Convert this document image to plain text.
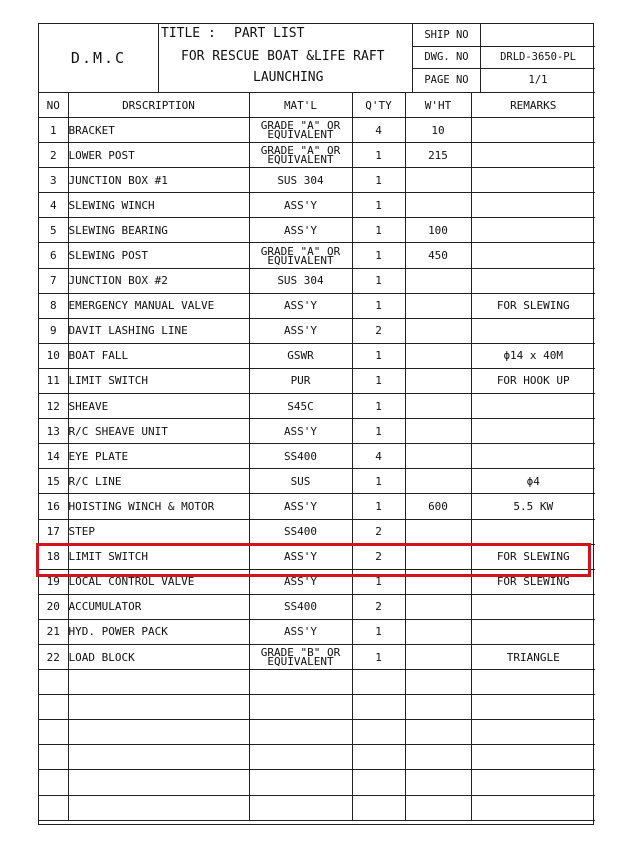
D.M.C
TITLE : PART LIST
FOR RESCUE BOAT &LIFE RAFT
LAUNCHING
SHIP NO
DWG. NO	DRLD-3650-PL
PAGE NO	1/1
NO	DRSCRIPTION	MAT'L	Q'TY	W'HT	REMARKS
1	BRACKET	GRADE "A" OR EQUIVALENT	4	10	
2	LOWER POST	GRADE "A" OR EQUIVALENT	1	215	
3	JUNCTION BOX #1	SUS 304	1		
4	SLEWING WINCH	ASS'Y	1		
5	SLEWING BEARING	ASS'Y	1	100	
6	SLEWING POST	GRADE "A" OR EQUIVALENT	1	450	
7	JUNCTION BOX #2	SUS 304	1		
8	EMERGENCY MANUAL VALVE	ASS'Y	1		FOR SLEWING
9	DAVIT LASHING LINE	ASS'Y	2		
10	BOAT FALL	GSWR	1		ϕ14 x 40M
11	LIMIT SWITCH	PUR	1		FOR HOOK UP
12	SHEAVE	S45C	1		
13	R/C SHEAVE UNIT	ASS'Y	1		
14	EYE PLATE	SS400	4		
15	R/C LINE	SUS	1		ϕ4
16	HOISTING WINCH & MOTOR	ASS'Y	1	600	5.5 KW
17	STEP	SS400	2		
18	LIMIT SWITCH	ASS'Y	2		FOR SLEWING
19	LOCAL CONTROL VALVE	ASS'Y	1		FOR SLEWING
20	ACCUMULATOR	SS400	2		
21	HYD. POWER PACK	ASS'Y	1		
22	LOAD BLOCK	GRADE "B" OR EQUIVALENT	1		TRIANGLE
